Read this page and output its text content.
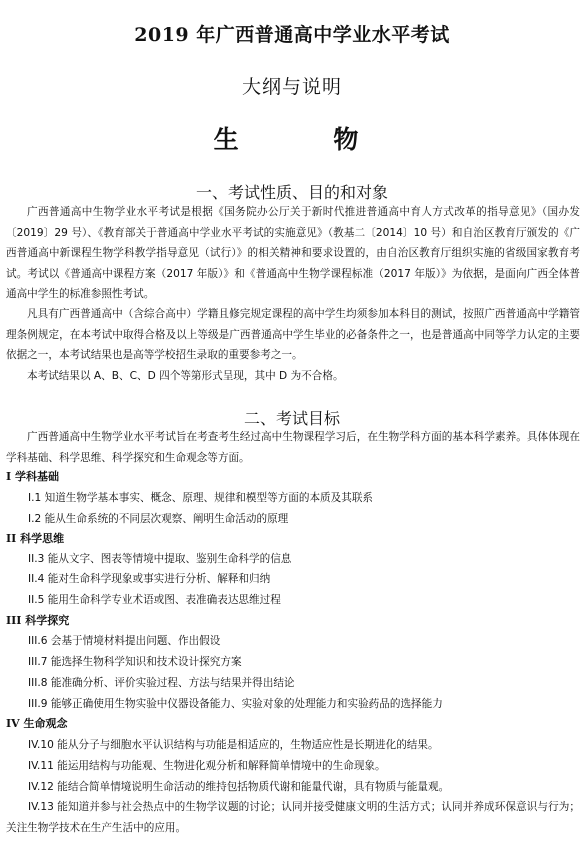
2019 年广西普通高中学业水平考试
大纲与说明
生    物
一、考试性质、目的和对象

广西普通高中生物学业水平考试是根据《国务院办公厅关于新时代推进普通高中育人方式改革的指导意见》（国办发〔2019〕29 号）、《教育部关于普通高中学业水平考试的实施意见》（教基二〔2014〕10 号）和自治区教育厅颁发的《广西普通高中新课程生物学科教学指导意见（试行）》的相关精神和要求设置的，由自治区教育厅组织实施的省级国家教育考试。考试以《普通高中课程方案（2017 年版）》和《普通高中生物学课程标准（2017 年版）》为依据，是面向广西全体普通高中学生的标准参照性考试。

凡具有广西普通高中（含综合高中）学籍且修完规定课程的高中学生均须参加本科目的测试，按照广西普通高中学籍管理条例规定，在本考试中取得合格及以上等级是广西普通高中学生毕业的必备条件之一，也是普通高中同等学力认定的主要依据之一，本考试结果也是高等学校招生录取的重要参考之一。

本考试结果以 A、B、C、D 四个等第形式呈现，其中 D 为不合格。

二、考试目标

广西普通高中生物学业水平考试旨在考查考生经过高中生物课程学习后，在生物学科方面的基本科学素养。具体体现在学科基础、科学思维、科学探究和生命观念等方面。

I 学科基础

I.1 知道生物学基本事实、概念、原理、规律和模型等方面的本质及其联系

I.2 能从生命系统的不同层次观察、阐明生命活动的原理

II 科学思维

II.3 能从文字、图表等情境中提取、鉴别生命科学的信息

II.4 能对生命科学现象或事实进行分析、解释和归纳

II.5 能用生命科学专业术语或图、表准确表达思维过程

III 科学探究

III.6 会基于情境材料提出问题、作出假设

III.7 能选择生物科学知识和技术设计探究方案

III.8 能准确分析、评价实验过程、方法与结果并得出结论

III.9 能够正确使用生物实验中仪器设备能力、实验对象的处理能力和实验药品的选择能力

IV 生命观念

IV.10 能从分子与细胞水平认识结构与功能是相适应的，生物适应性是长期进化的结果。

IV.11 能运用结构与功能观、生物进化观分析和解释简单情境中的生命现象。

IV.12 能结合简单情境说明生命活动的维持包括物质代谢和能量代谢，具有物质与能量观。

IV.13 能知道并参与社会热点中的生物学议题的讨论；认同并接受健康文明的生活方式；认同并养成环保意识与行为；关注生物学技术在生产生活中的应用。
